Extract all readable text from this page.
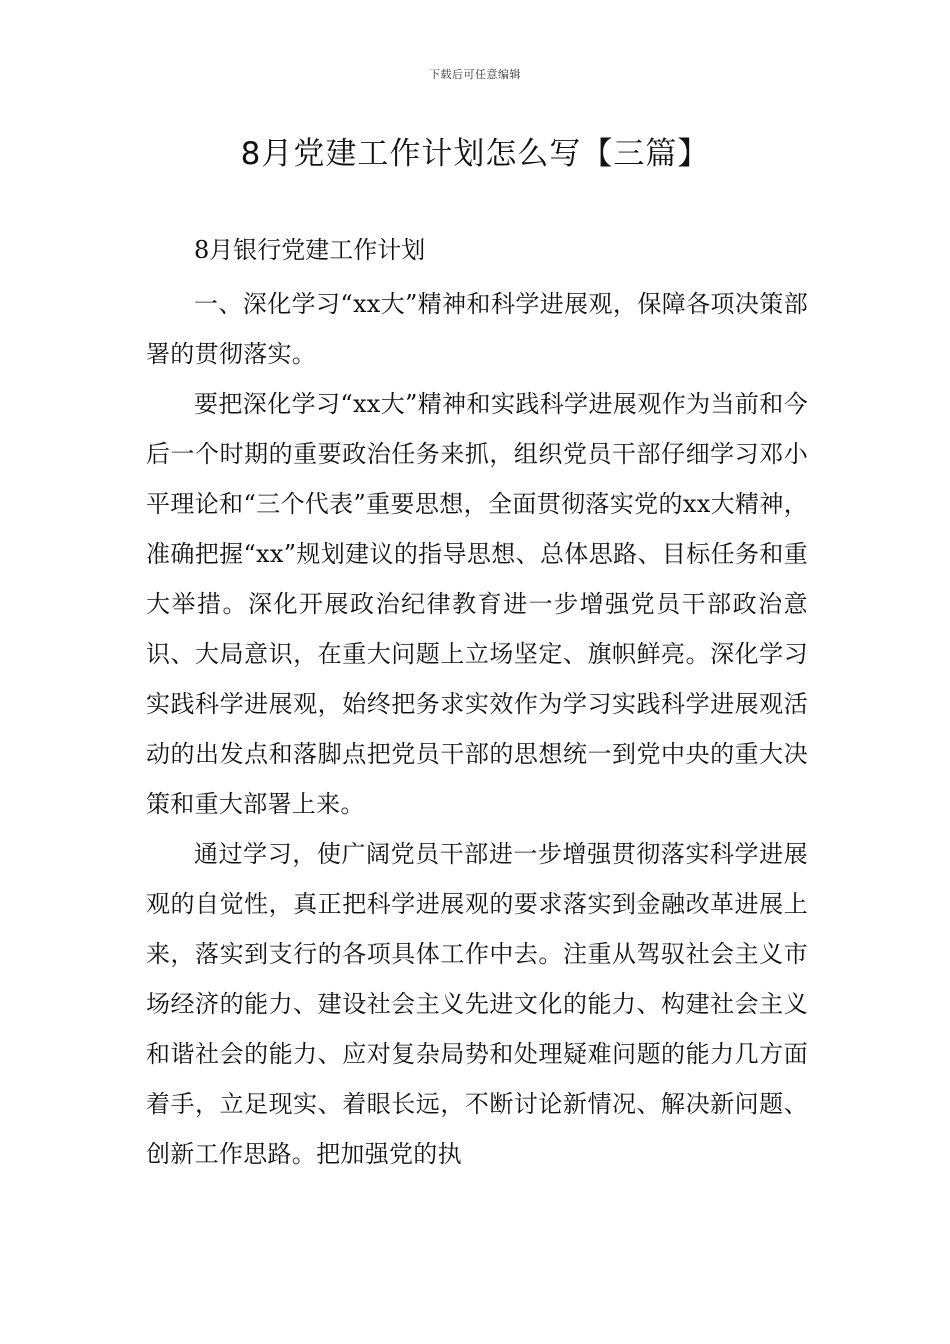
下载后可任意编辑
8月党建工作计划怎么写【三篇】

8月银行党建工作计划

一、深化学习“xx大”精神和科学进展观，保障各项决策部署的贯彻落实。

要把深化学习“xx大”精神和实践科学进展观作为当前和今后一个时期的重要政治任务来抓，组织党员干部仔细学习邓小平理论和“三个代表”重要思想，全面贯彻落实党的xx大精神，准确把握“xx”规划建议的指导思想、总体思路、目标任务和重大举措。深化开展政治纪律教育进一步增强党员干部政治意识、大局意识，在重大问题上立场坚定、旗帜鲜亮。深化学习实践科学进展观，始终把务求实效作为学习实践科学进展观活动的出发点和落脚点把党员干部的思想统一到党中央的重大决策和重大部署上来。

通过学习，使广阔党员干部进一步增强贯彻落实科学进展观的自觉性，真正把科学进展观的要求落实到金融改革进展上来，落实到支行的各项具体工作中去。注重从驾驭社会主义市场经济的能力、建设社会主义先进文化的能力、构建社会主义和谐社会的能力、应对复杂局势和处理疑难问题的能力几方面着手，立足现实、着眼长远，不断讨论新情况、解决新问题、创新工作思路。把加强党的执
